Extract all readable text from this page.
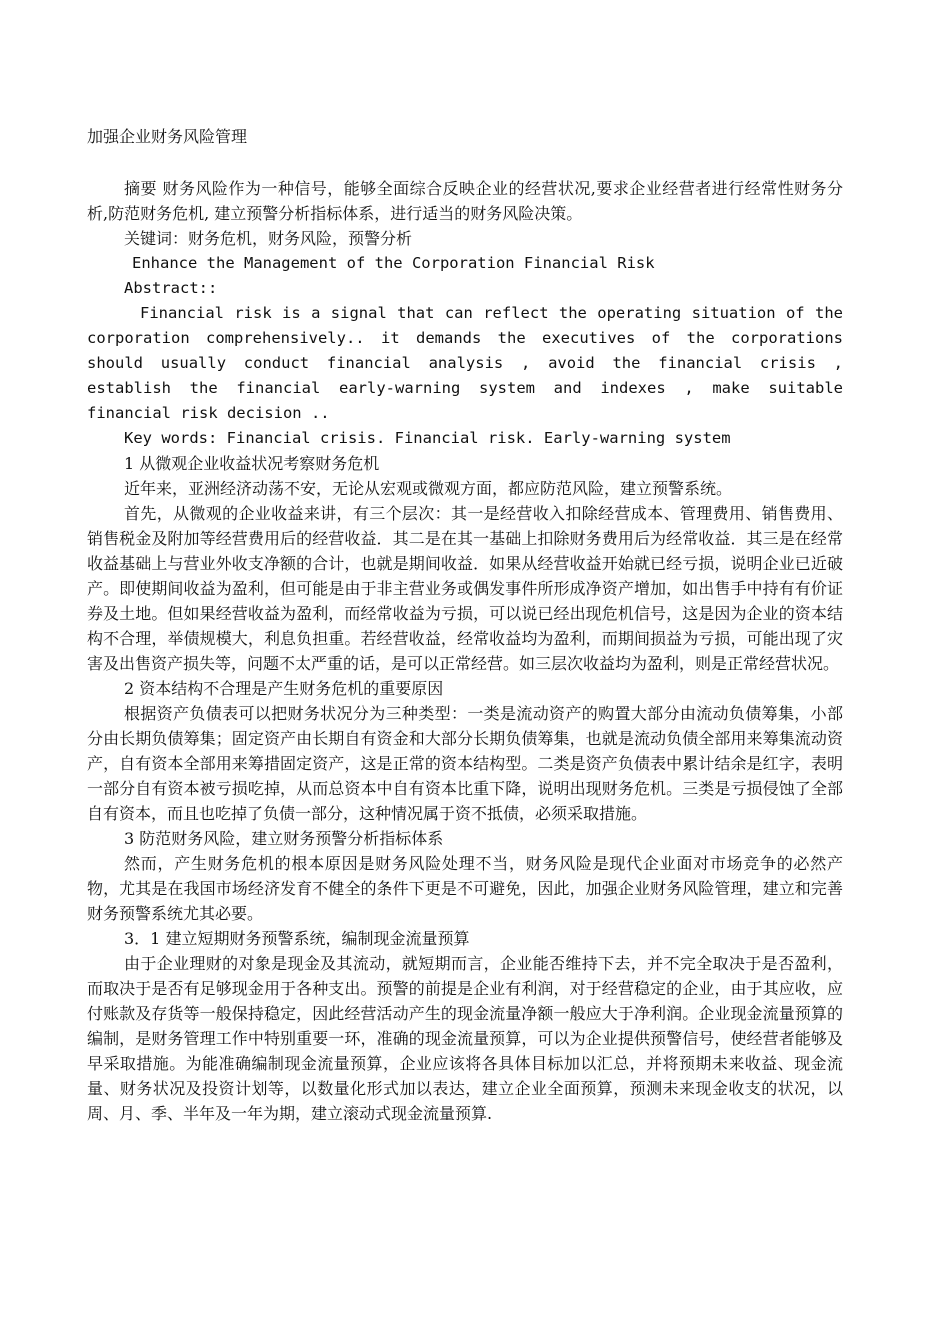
加强企业财务风险管理

摘要 财务风险作为一种信号，能够全面综合反映企业的经营状况,要求企业经营者进行经常性财务分析,防范财务危机, 建立预警分析指标体系，进行适当的财务风险决策。

关键词：财务危机，财务风险，预警分析

Enhance the Management of the Corporation Financial Risk

Abstract::

Financial risk is a signal that can reflect the operating situation of the corporation comprehensively.. it demands the executives of the corporations should usually conduct financial analysis , avoid the financial crisis , establish the financial early-warning system and indexes , make suitable financial risk decision ..

Key words: Financial crisis. Financial risk. Early-warning system

1 从微观企业收益状况考察财务危机

近年来，亚洲经济动荡不安，无论从宏观或微观方面，都应防范风险，建立预警系统。

首先，从微观的企业收益来讲，有三个层次：其一是经营收入扣除经营成本、管理费用、销售费用、销售税金及附加等经营费用后的经营收益．其二是在其一基础上扣除财务费用后为经常收益．其三是在经常收益基础上与营业外收支净额的合计，也就是期间收益．如果从经营收益开始就已经亏损，说明企业已近破产。即使期间收益为盈利，但可能是由于非主营业务或偶发事件所形成净资产增加，如出售手中持有有价证券及土地。但如果经营收益为盈利，而经常收益为亏损，可以说已经出现危机信号，这是因为企业的资本结构不合理，举债规模大，利息负担重。若经营收益，经常收益均为盈利，而期间损益为亏损，可能出现了灾害及出售资产损失等，问题不太严重的话，是可以正常经营。如三层次收益均为盈利，则是正常经营状况。

2 资本结构不合理是产生财务危机的重要原因

根据资产负债表可以把财务状况分为三种类型：一类是流动资产的购置大部分由流动负债筹集，小部分由长期负债筹集；固定资产由长期自有资金和大部分长期负债筹集，也就是流动负债全部用来筹集流动资产，自有资本全部用来筹措固定资产，这是正常的资本结构型。二类是资产负债表中累计结余是红字，表明一部分自有资本被亏损吃掉，从而总资本中自有资本比重下降，说明出现财务危机。三类是亏损侵蚀了全部自有资本，而且也吃掉了负债一部分，这种情况属于资不抵债，必须采取措施。

3 防范财务风险，建立财务预警分析指标体系

然而，产生财务危机的根本原因是财务风险处理不当，财务风险是现代企业面对市场竞争的必然产物，尤其是在我国市场经济发育不健全的条件下更是不可避免，因此，加强企业财务风险管理，建立和完善财务预警系统尤其必要。

3．1 建立短期财务预警系统，编制现金流量预算

由于企业理财的对象是现金及其流动，就短期而言，企业能否维持下去，并不完全取决于是否盈利，而取决于是否有足够现金用于各种支出。预警的前提是企业有利润，对于经营稳定的企业，由于其应收，应付账款及存货等一般保持稳定，因此经营活动产生的现金流量净额一般应大于净利润。企业现金流量预算的编制，是财务管理工作中特别重要一环，准确的现金流量预算，可以为企业提供预警信号，使经营者能够及早采取措施。为能准确编制现金流量预算，企业应该将各具体目标加以汇总，并将预期未来收益、现金流量、财务状况及投资计划等，以数量化形式加以表达，建立企业全面预算，预测未来现金收支的状况，以周、月、季、半年及一年为期，建立滚动式现金流量预算.
